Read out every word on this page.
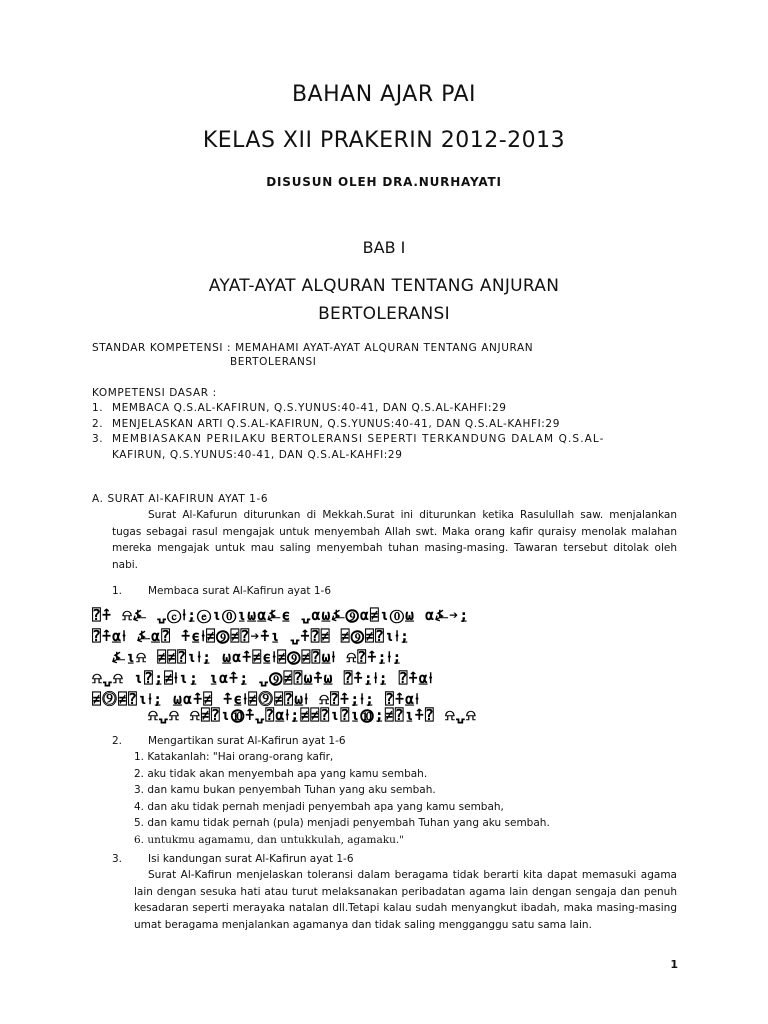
BAHAN AJAR PAI
KELAS XII PRAKERIN 2012-2013
DISUSUN OLEH DRA.NURHAYATI
BAB I
AYAT-AYAT ALQURAN TENTANG ANJURAN
BERTOLERANSI
STANDAR KOMPETENSI : MEMAHAMI AYAT-AYAT ALQURAN TENTANG ANJURAN
BERTOLERANSI
KOMPETENSI DASAR :
1. MEMBACA Q.S.AL-KAFIRUN, Q.S.YUNUS:40-41, DAN Q.S.AL-KAHFI:29
2. MENJELASKAN ARTI Q.S.AL-KAFIRUN, Q.S.YUNUS:40-41, DAN Q.S.AL-KAHFI:29
3. MEMBIASAKAN PERILAKU BERTOLERANSI SEPERTI TERKANDUNG DALAM Q.S.AL-
KAFIRUN, Q.S.YUNUS:40-41, DAN Q.S.AL-KAHFI:29
A. SURAT Al-KAFIRUN AYAT 1-6
Surat Al-Kafurun diturunkan di Mekkah.Surat ini diturunkan ketika Rasulullah saw. menjalankan tugas sebagai rasul mengajak untuk menyembah Allah swt. Maka orang kafir quraisy menolak malahan mereka mengajak untuk mau saling menyembah tuhan masing-masing. Tawaran tersebut ditolak oleh nabi.
1. Membaca surat Al-Kafirun ayat 1-6
⍰⍏ ⍾⍼ ⍽ⓒ⍿⍮ⓔ⍳⓪⍸⍹⍶⍼⍷ ⍽⍺⍹⍼⓽⍺⍯⍳⓪⍹ ⍺⍼➔⍮
⍰⍏⍶⍿ ⍼⍶⍰ ⍏⍷⍿⍯⓽⍯⍰➔⍏⍸ ⍽⍏⍰⍯ ⍯⓽⍯⍰⍳⍿⍮
⍼⍸⍾ ⍯⍯⍰⍳⍿⍮ ⍹⍺⍏⍯⍷⍿⍯⓽⍯⍰⍹⍿ ⍾⍰⍏⍮⍿⍮
⍾⍽⍾ ⍳⍰⍮⍯⍿⍳⍮ ⍸⍺⍏⍮ ⍽⓽⍯⍰⍹⍏⍹ ⍰⍏⍮⍿⍮ ⍰⍏⍶⍿
⍯⓽⍯⍰⍳⍿⍮ ⍹⍺⍏⍯ ⍏⍷⍿⍯⓽⍯⍰⍹⍿ ⍾⍰⍏⍮⍿⍮ ⍰⍏⍶⍿
⍾⍽⍾ ⍾⍯⍰⍳⓾⍏⍽⍰⍶⍿⍮⍯⍯⍰⍳⍰⍸⓾⍮⍯⍰⍸⍏⍰ ⍾⍽⍾
2. Mengartikan surat Al-Kafirun ayat 1-6
1. Katakanlah: "Hai orang-orang kafir,
2. aku tidak akan menyembah apa yang kamu sembah.
3. dan kamu bukan penyembah Tuhan yang aku sembah.
4. dan aku tidak pernah menjadi penyembah apa yang kamu sembah,
5. dan kamu tidak pernah (pula) menjadi penyembah Tuhan yang aku sembah.
6. untukmu agamamu, dan untukkulah, agamaku."
3. Isi kandungan surat Al-Kafirun ayat 1-6
Surat Al-Kafirun menjelaskan toleransi dalam beragama tidak berarti kita dapat memasuki agama lain dengan sesuka hati atau turut melaksanakan peribadatan agama lain dengan sengaja dan penuh kesadaran seperti merayaka natalan dll.Tetapi kalau sudah menyangkut ibadah, maka masing-masing umat beragama menjalankan agamanya dan tidak saling mengganggu satu sama lain.
1
